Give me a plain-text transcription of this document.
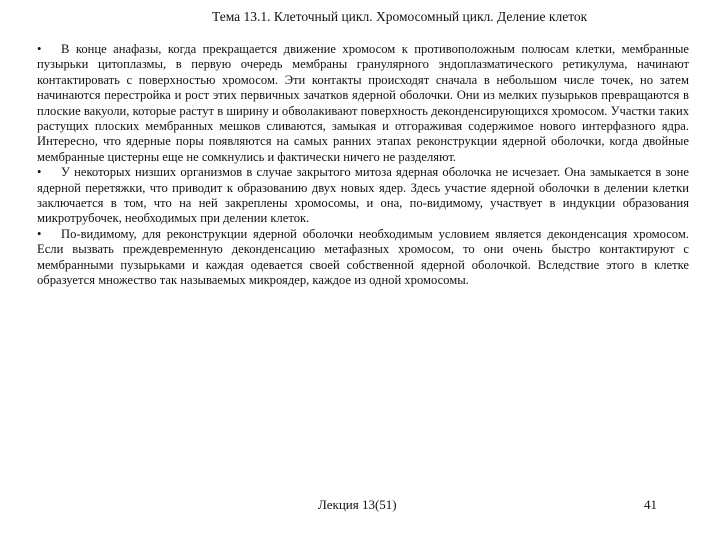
Тема 13.1. Клеточный цикл. Хромосомный цикл. Деление клеток

• В конце анафазы, когда прекращается движение хромосом к противоположным полюсам клетки, мембранные пузырьки цитоплазмы, в первую очередь мембраны гранулярного эндоплазматического ретикулума, начинают контактировать с поверхностью хромосом. Эти контакты происходят сначала в небольшом числе точек, но затем начинаются перестройка и рост этих первичных зачатков ядерной оболочки. Они из мелких пузырьков превращаются в плоские вакуоли, которые растут в ширину и обволакивают поверхность деконденсирующихся хромосом. Участки таких растущих плоских мембранных мешков сливаются, замыкая и отгораживая содержимое нового интерфазного ядра. Интересно, что ядерные поры появляются на самых ранних этапах реконструкции ядерной оболочки, когда двойные мембранные цистерны еще не сомкнулись и фактически ничего не разделяют.

• У некоторых низших организмов в случае закрытого митоза ядерная оболочка не исчезает. Она замыкается в зоне ядерной перетяжки, что приводит к образованию двух новых ядер. Здесь участие ядерной оболочки в делении клетки заключается в том, что на ней закреплены хромосомы, и она, по-видимому, участвует в индукции образования микротрубочек, необходимых при делении клеток.

• По-видимому, для реконструкции ядерной оболочки необходимым условием является деконденсация хромосом. Если вызвать преждевременную деконденсацию метафазных хромосом, то они очень быстро контактируют с мембранными пузырьками и каждая одевается своей собственной ядерной оболочкой. Вследствие этого в клетке образуется множество так называемых микроядер, каждое из одной хромосомы.

Лекция 13(51)	41
